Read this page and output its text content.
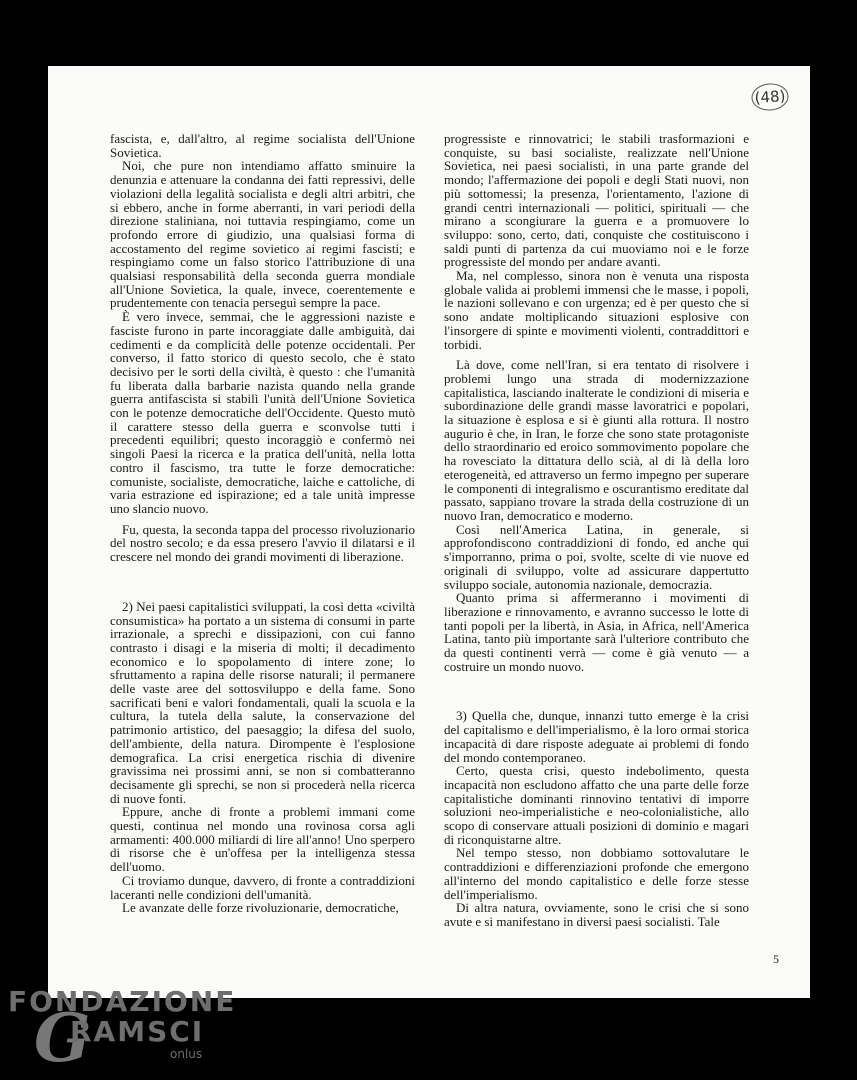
(48)

fascista, e, dall'altro, al regime socialista dell'Unione Sovietica.

Noi, che pure non intendiamo affatto sminuire la denunzia e attenuare la condanna dei fatti repressivi, delle violazioni della legalità socialista e degli altri arbitri, che si ebbero, anche in forme aberranti, in vari periodi della direzione staliniana, noi tuttavia respingiamo, come un profondo errore di giudizio, una qualsiasi forma di accostamento del regime sovietico ai regimi fascisti; e respingiamo come un falso storico l'attribuzione di una qualsiasi responsabilità della seconda guerra mondiale all'Unione Sovietica, la quale, invece, coerentemente e prudentemente con tenacia perseguì sempre la pace.

È vero invece, semmai, che le aggressioni naziste e fasciste furono in parte incoraggiate dalle ambiguità, dai cedimenti e da complicità delle potenze occidentali. Per converso, il fatto storico di questo secolo, che è stato decisivo per le sorti della civiltà, è questo : che l'umanità fu liberata dalla barbarie nazista quando nella grande guerra antifascista si stabilì l'unità dell'Unione Sovietica con le potenze democratiche dell'Occidente. Questo mutò il carattere stesso della guerra e sconvolse tutti i precedenti equilibri; questo incoraggiò e confermò nei singoli Paesi la ricerca e la pratica dell'unità, nella lotta contro il fascismo, tra tutte le forze democratiche: comuniste, socialiste, democratiche, laiche e cattoliche, di varia estrazione ed ispirazione; ed a tale unità impresse uno slancio nuovo.

Fu, questa, la seconda tappa del processo rivoluzionario del nostro secolo; e da essa presero l'avvio il dilatarsi e il crescere nel mondo dei grandi movimenti di liberazione.

2) Nei paesi capitalistici sviluppati, la così detta «civiltà consumistica» ha portato a un sistema di consumi in parte irrazionale, a sprechi e dissipazioni, con cui fanno contrasto i disagi e la miseria di molti; il decadimento economico e lo spopolamento di intere zone; lo sfruttamento a rapina delle risorse naturali; il permanere delle vaste aree del sottosviluppo e della fame. Sono sacrificati beni e valori fondamentali, quali la scuola e la cultura, la tutela della salute, la conservazione del patrimonio artistico, del paesaggio; la difesa del suolo, dell'ambiente, della natura. Dirompente è l'esplosione demografica. La crisi energetica rischia di divenire gravissima nei prossimi anni, se non si combatteranno decisamente gli sprechi, se non si procederà nella ricerca di nuove fonti.

Eppure, anche di fronte a problemi immani come questi, continua nel mondo una rovinosa corsa agli armamenti: 400.000 miliardi di lire all'anno! Uno sperpero di risorse che è un'offesa per la intelligenza stessa dell'uomo.

Ci troviamo dunque, davvero, di fronte a contraddizioni laceranti nelle condizioni dell'umanità.

Le avanzate delle forze rivoluzionarie, democratiche,

progressiste e rinnovatrici; le stabili trasformazioni e conquiste, su basi socialiste, realizzate nell'Unione Sovietica, nei paesi socialisti, in una parte grande del mondo; l'affermazione dei popoli e degli Stati nuovi, non più sottomessi; la presenza, l'orientamento, l'azione di grandi centri internazionali — politici, spirituali — che mirano a scongiurare la guerra e a promuovere lo sviluppo: sono, certo, dati, conquiste che costituiscono i saldi punti di partenza da cui muoviamo noi e le forze progressiste del mondo per andare avanti.

Ma, nel complesso, sinora non è venuta una risposta globale valida ai problemi immensi che le masse, i popoli, le nazioni sollevano e con urgenza; ed è per questo che si sono andate moltiplicando situazioni esplosive con l'insorgere di spinte e movimenti violenti, contraddittori e torbidi.

Là dove, come nell'Iran, si era tentato di risolvere i problemi lungo una strada di modernizzazione capitalistica, lasciando inalterate le condizioni di miseria e subordinazione delle grandi masse lavoratrici e popolari, la situazione è esplosa e si è giunti alla rottura. Il nostro augurio è che, in Iran, le forze che sono state protagoniste dello straordinario ed eroico sommovimento popolare che ha rovesciato la dittatura dello scià, al di là della loro eterogeneità, ed attraverso un fermo impegno per superare le componenti di integralismo e oscurantismo ereditate dal passato, sappiano trovare la strada della costruzione di un nuovo Iran, democratico e moderno.

Così nell'America Latina, in generale, si approfondiscono contraddizioni di fondo, ed anche qui s'imporranno, prima o poi, svolte, scelte di vie nuove ed originali di sviluppo, volte ad assicurare dappertutto sviluppo sociale, autonomia nazionale, democrazia.

Quanto prima si affermeranno i movimenti di liberazione e rinnovamento, e avranno successo le lotte di tanti popoli per la libertà, in Asia, in Africa, nell'America Latina, tanto più importante sarà l'ulteriore contributo che da questi continenti verrà — come è già venuto — a costruire un mondo nuovo.

3) Quella che, dunque, innanzi tutto emerge è la crisi del capitalismo e dell'imperialismo, è la loro ormai storica incapacità di dare risposte adeguate ai problemi di fondo del mondo contemporaneo.

Certo, questa crisi, questo indebolimento, questa incapacità non escludono affatto che una parte delle forze capitalistiche dominanti rinnovino tentativi di imporre soluzioni neo-imperialistiche e neo-colonialistiche, allo scopo di conservare attuali posizioni di dominio e magari di riconquistarne altre.

Nel tempo stesso, non dobbiamo sottovalutare le contraddizioni e differenziazioni profonde che emergono all'interno del mondo capitalistico e delle forze stesse dell'imperialismo.

Di altra natura, ovviamente, sono le crisi che si sono avute e si manifestano in diversi paesi socialisti. Tale

5
FONDAZIONE
G
RAMSCI
onlus
